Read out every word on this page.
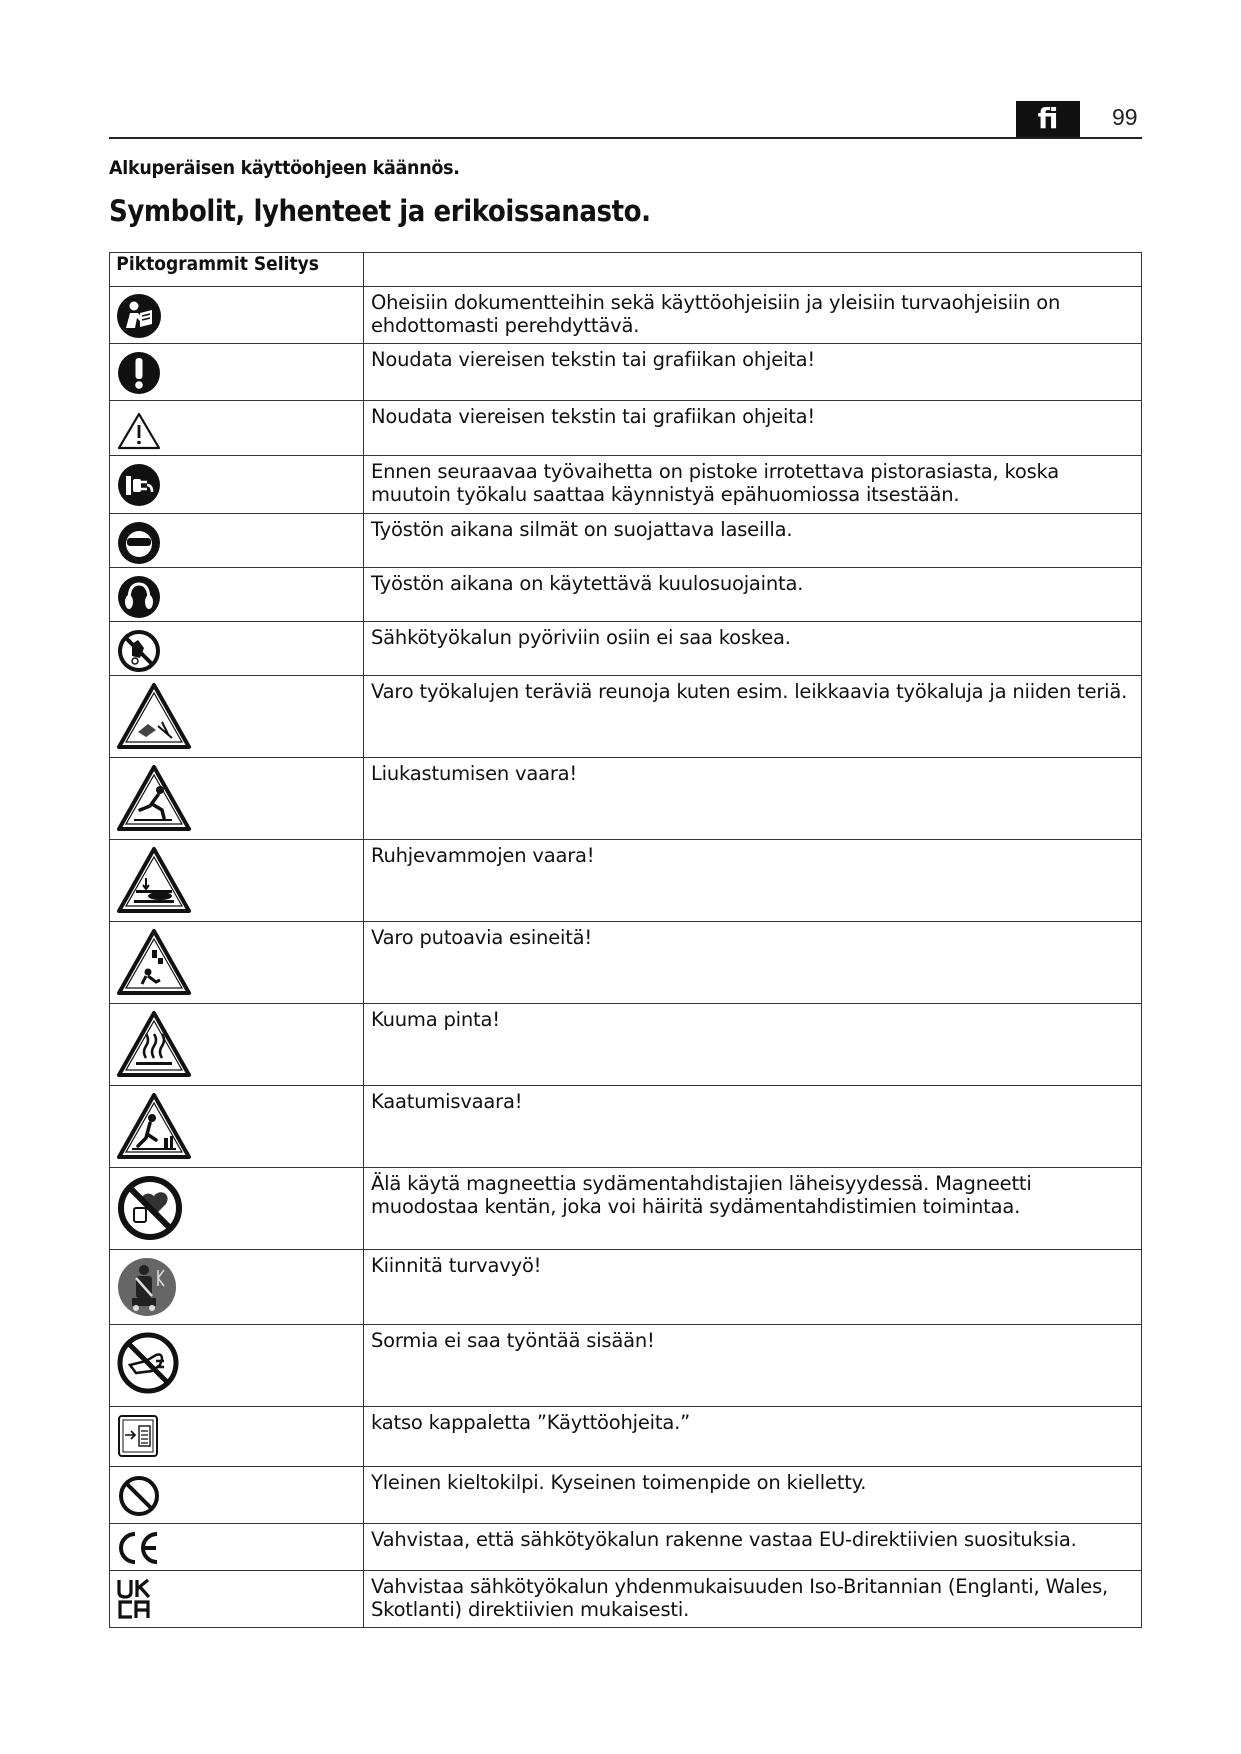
fi	99
Alkuperäisen käyttöohjeen käännös.
Symbolit, lyhenteet ja erikoissanasto.
Piktogrammit Selitys	

	Oheisiin dokumentteihin sekä käyttöohjeisiin ja yleisiin turvaohjeisiin on ehdottomasti perehdyttävä.

	Noudata viereisen tekstin tai grafiikan ohjeita!

	Noudata viereisen tekstin tai grafiikan ohjeita!

	Ennen seuraavaa työvaihetta on pistoke irrotettava pistorasiasta, koska muutoin työkalu saattaa käynnistyä epähuomiossa itsestään.

	Työstön aikana silmät on suojattava laseilla.

	Työstön aikana on käytettävä kuulosuojainta.

	Sähkötyökalun pyöriviin osiin ei saa koskea.

	Varo työkalujen teräviä reunoja kuten esim. leikkaavia työkaluja ja niiden teriä.

	Liukastumisen vaara!

	Ruhjevammojen vaara!

	Varo putoavia esineitä!

	Kuuma pinta!

	Kaatumisvaara!

	Älä käytä magneettia sydämentahdistajien läheisyydessä. Magneetti muodostaa kentän, joka voi häiritä sydämentahdistimien toimintaa.

	Kiinnitä turvavyö!

	Sormia ei saa työntää sisään!

	katso kappaletta ”Käyttöohjeita.”

	Yleinen kieltokilpi. Kyseinen toimenpide on kielletty.

	Vahvistaa, että sähkötyökalun rakenne vastaa EU-direktiivien suosituksia.

	Vahvistaa sähkötyökalun yhdenmukaisuuden Iso-Britannian (Englanti, Wales, Skotlanti) direktiivien mukaisesti.
